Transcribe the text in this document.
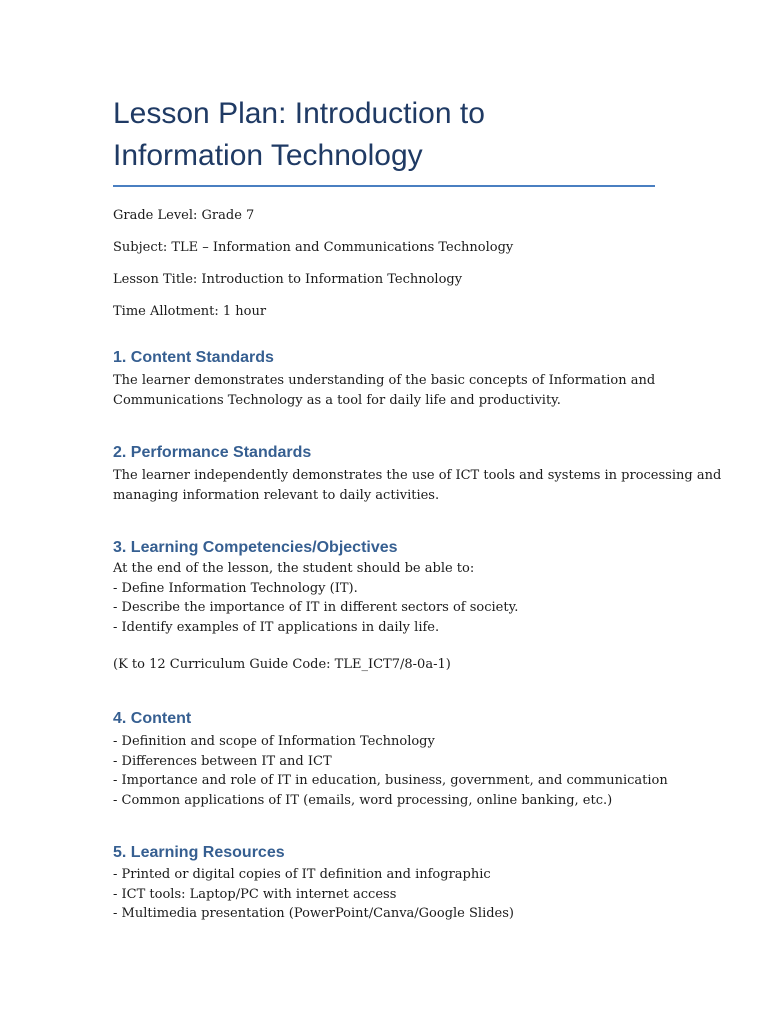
Lesson Plan: Introduction to
Information Technology

Grade Level: Grade 7

Subject: TLE – Information and Communications Technology

Lesson Title: Introduction to Information Technology

Time Allotment: 1 hour

1. Content Standards

The learner demonstrates understanding of the basic concepts of Information and

Communications Technology as a tool for daily life and productivity.

2. Performance Standards

The learner independently demonstrates the use of ICT tools and systems in processing and

managing information relevant to daily activities.

3. Learning Competencies/Objectives

At the end of the lesson, the student should be able to:

- Define Information Technology (IT).

- Describe the importance of IT in different sectors of society.

- Identify examples of IT applications in daily life.

(K to 12 Curriculum Guide Code: TLE_ICT7/8-0a-1)

4. Content

- Definition and scope of Information Technology

- Differences between IT and ICT

- Importance and role of IT in education, business, government, and communication

- Common applications of IT (emails, word processing, online banking, etc.)

5. Learning Resources

- Printed or digital copies of IT definition and infographic

- ICT tools: Laptop/PC with internet access

- Multimedia presentation (PowerPoint/Canva/Google Slides)
